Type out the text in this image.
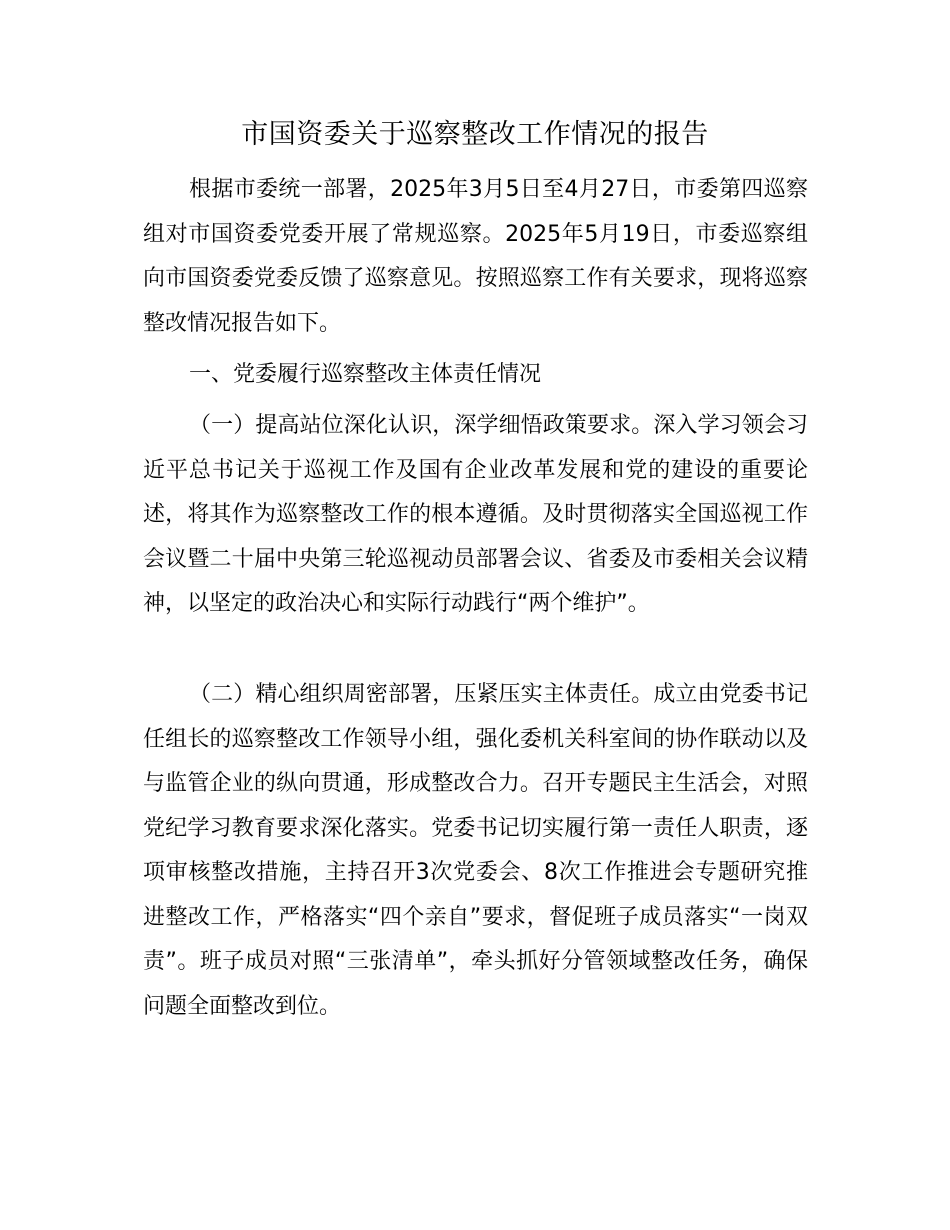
市国资委关于巡察整改工作情况的报告

根据市委统一部署，2025年3月5日至4月27日，市委第四巡察组对市国资委党委开展了常规巡察。2025年5月19日，市委巡察组向市国资委党委反馈了巡察意见。按照巡察工作有关要求，现将巡察整改情况报告如下。

一、党委履行巡察整改主体责任情况

（一）提高站位深化认识，深学细悟政策要求。深入学习领会习近平总书记关于巡视工作及国有企业改革发展和党的建设的重要论述，将其作为巡察整改工作的根本遵循。及时贯彻落实全国巡视工作会议暨二十届中央第三轮巡视动员部署会议、省委及市委相关会议精神，以坚定的政治决心和实际行动践行“两个维护”。

（二）精心组织周密部署，压紧压实主体责任。成立由党委书记任组长的巡察整改工作领导小组，强化委机关科室间的协作联动以及与监管企业的纵向贯通，形成整改合力。召开专题民主生活会，对照党纪学习教育要求深化落实。党委书记切实履行第一责任人职责，逐项审核整改措施，主持召开3次党委会、8次工作推进会专题研究推进整改工作，严格落实“四个亲自”要求，督促班子成员落实“一岗双责”。班子成员对照“三张清单”，牵头抓好分管领域整改任务，确保问题全面整改到位。
